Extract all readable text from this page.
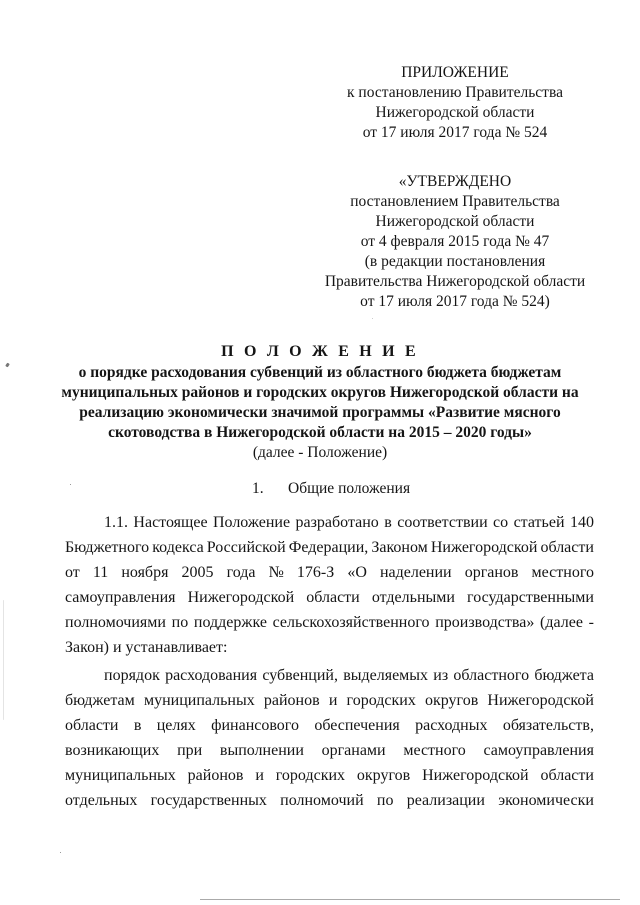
ПРИЛОЖЕНИЕ
к постановлению Правительства
Нижегородской области
от 17 июля 2017 года № 524
«УТВЕРЖДЕНО
постановлением Правительства
Нижегородской области
от 4 февраля 2015 года № 47
(в редакции постановления
Правительства Нижегородской области
от 17 июля 2017 года № 524)
П О Л О Ж Е Н И Е
о порядке расходования субвенций из областного бюджета бюджетам
муниципальных районов и городских округов Нижегородской области на
реализацию экономически значимой программы «Развитие мясного
скотоводства в Нижегородской области на 2015 – 2020 годы»
(далее - Положение)
1. Общие положения
1.1. Настоящее Положение разработано в соответствии со статьей 140
Бюджетного кодекса Российской Федерации, Законом Нижегородской области
от 11 ноября 2005 года № 176-З «О наделении органов местного
самоуправления Нижегородской области отдельными государственными
полномочиями по поддержке сельскохозяйственного производства» (далее -
Закон) и устанавливает:
порядок расходования субвенций, выделяемых из областного бюджета
бюджетам муниципальных районов и городских округов Нижегородской
области в целях финансового обеспечения расходных обязательств,
возникающих при выполнении органами местного самоуправления
муниципальных районов и городских округов Нижегородской области
отдельных государственных полномочий по реализации экономически
